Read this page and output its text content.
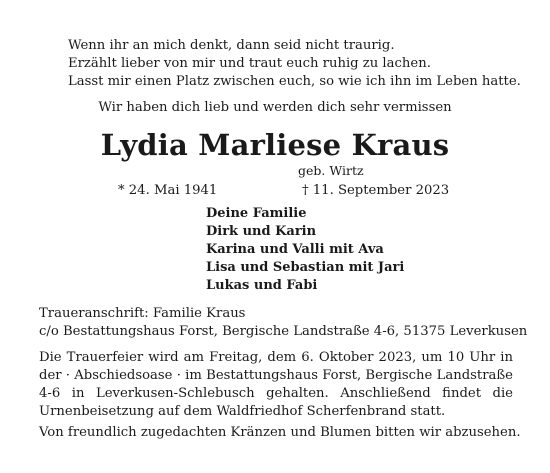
Wenn ihr an mich denkt, dann seid nicht traurig.
Erzählt lieber von mir und traut euch ruhig zu lachen.
Lasst mir einen Platz zwischen euch, so wie ich ihn im Leben hatte.
Wir haben dich lieb und werden dich sehr vermissen
Lydia Marliese Kraus
geb. Wirtz
* 24. Mai 1941	† 11. September 2023
Deine Familie
Dirk und Karin
Karina und Valli mit Ava
Lisa und Sebastian mit Jari
Lukas und Fabi
Traueranschrift: Familie Kraus
c/o Bestattungshaus Forst, Bergische Landstraße 4-6, 51375 Leverkusen
Die Trauerfeier wird am Freitag, dem 6. Oktober 2023, um 10 Uhr in der · Abschiedsoase · im Bestattungshaus Forst, Bergische Landstraße 4-6 in Leverkusen-Schlebusch gehalten. Anschließend findet die Urnenbeisetzung auf dem Waldfriedhof Scherfenbrand statt.
Von freundlich zugedachten Kränzen und Blumen bitten wir abzusehen.
